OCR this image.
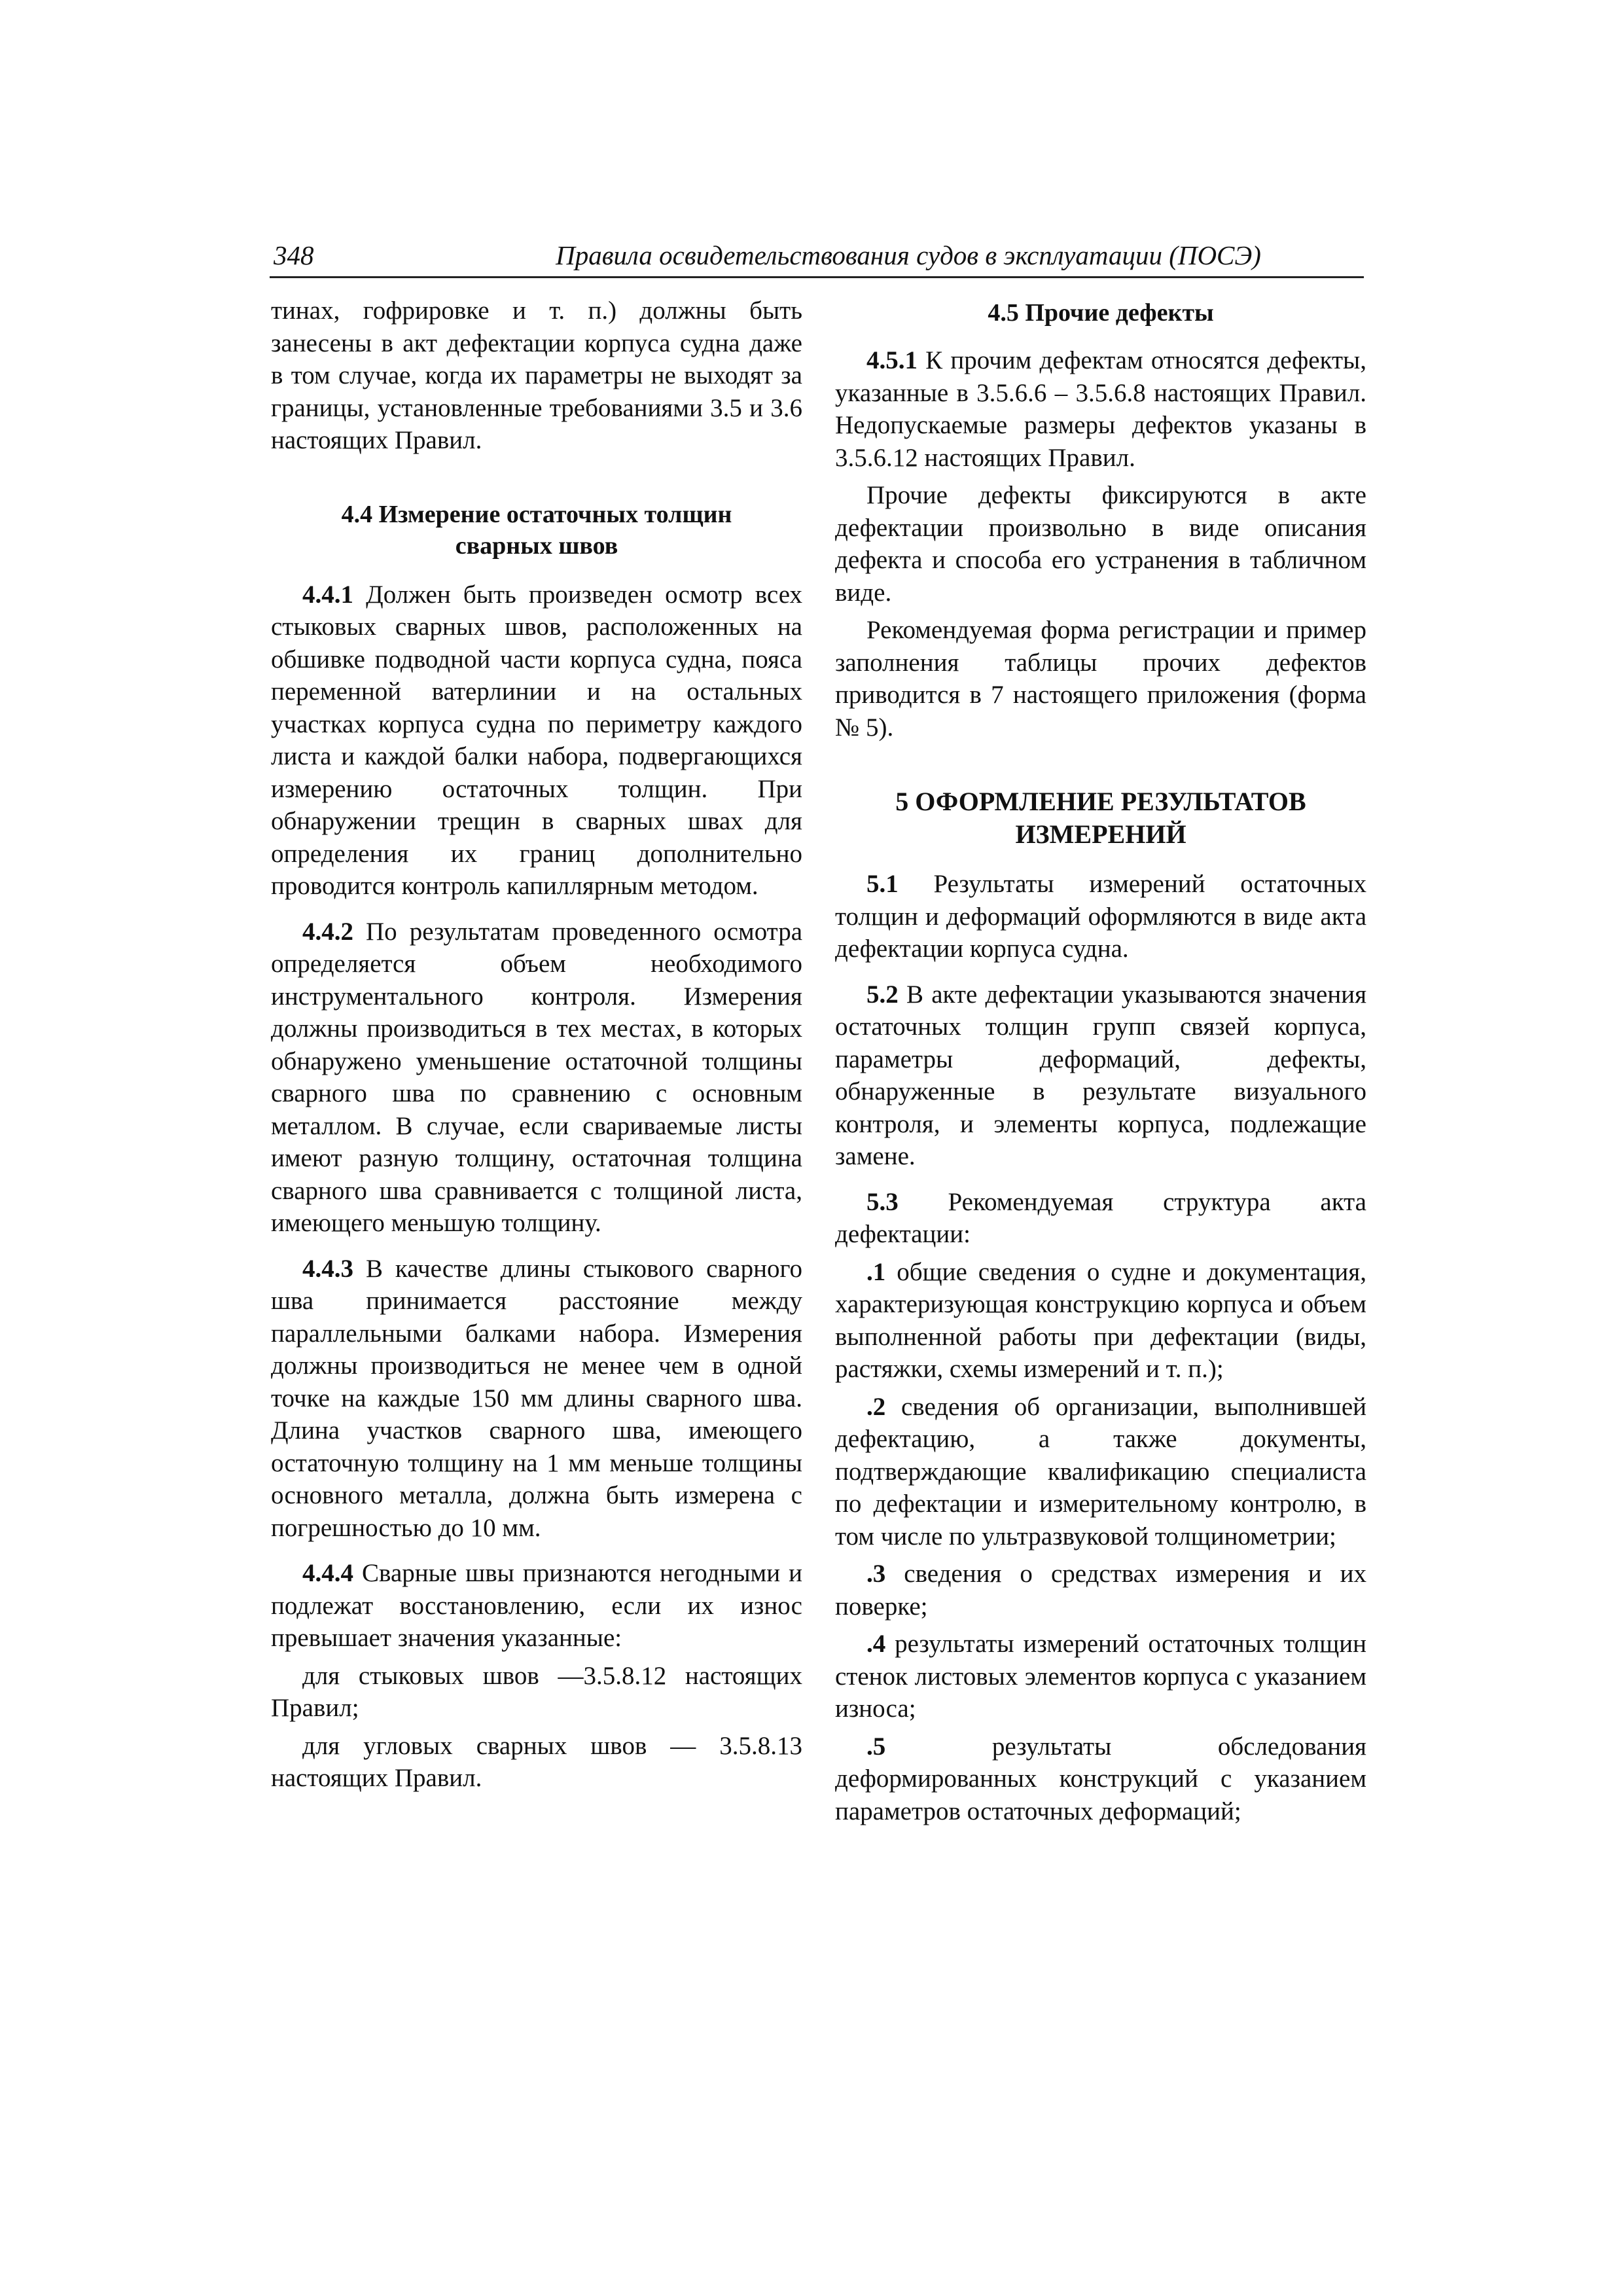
348	Правила освидетельствования судов в эксплуатации (ПОСЭ)

тинах, гофрировке и т. п.) должны быть занесены в акт дефектации корпуса судна даже в том случае, когда их параметры не выходят за границы, установленные требованиями 3.5 и 3.6 настоящих Правил.

4.4 Измерение остаточных толщин сварных швов

4.4.1 Должен быть произведен осмотр всех стыковых сварных швов, расположенных на обшивке подводной части корпуса судна, пояса переменной ватерлинии и на остальных участках корпуса судна по периметру каждого листа и каждой балки набора, подвергающихся измерению остаточных толщин. При обнаружении трещин в сварных швах для определения их границ дополнительно проводится контроль капиллярным методом.

4.4.2 По результатам проведенного осмотра определяется объем необходимого инструментального контроля. Измерения должны производиться в тех местах, в которых обнаружено уменьшение остаточной толщины сварного шва по сравнению с основным металлом. В случае, если свариваемые листы имеют разную толщину, остаточная толщина сварного шва сравнивается с толщиной листа, имеющего меньшую толщину.

4.4.3 В качестве длины стыкового сварного шва принимается расстояние между параллельными балками набора. Измерения должны производиться не менее чем в одной точке на каждые 150 мм длины сварного шва. Длина участков сварного шва, имеющего остаточную толщину на 1 мм меньше толщины основного металла, должна быть измерена с погрешностью до 10 мм.

4.4.4 Сварные швы признаются негодными и подлежат восстановлению, если их износ превышает значения указанные:

для стыковых швов —3.5.8.12 настоящих Правил;

для угловых сварных швов — 3.5.8.13 настоящих Правил.

4.5 Прочие дефекты

4.5.1 К прочим дефектам относятся дефекты, указанные в 3.5.6.6 – 3.5.6.8 настоящих Правил. Недопускаемые размеры дефектов указаны в 3.5.6.12 настоящих Правил.

Прочие дефекты фиксируются в акте дефектации произвольно в виде описания дефекта и способа его устранения в табличном виде.

Рекомендуемая форма регистрации и пример заполнения таблицы прочих дефектов приводится в 7 настоящего приложения (форма № 5).

5 ОФОРМЛЕНИЕ РЕЗУЛЬТАТОВ ИЗМЕРЕНИЙ

5.1 Результаты измерений остаточных толщин и деформаций оформляются в виде акта дефектации корпуса судна.

5.2 В акте дефектации указываются значения остаточных толщин групп связей корпуса, параметры деформаций, дефекты, обнаруженные в результате визуального контроля, и элементы корпуса, подлежащие замене.

5.3 Рекомендуемая структура акта дефектации:

.1 общие сведения о судне и документация, характеризующая конструкцию корпуса и объем выполненной работы при дефектации (виды, растяжки, схемы измерений и т. п.);

.2 сведения об организации, выполнившей дефектацию, а также документы, подтверждающие квалификацию специалиста по дефектации и измерительному контролю, в том числе по ультразвуковой толщинометрии;

.3 сведения о средствах измерения и их поверке;

.4 результаты измерений остаточных толщин стенок листовых элементов корпуса с указанием износа;

.5	результаты обследования деформированных конструкций с указанием параметров остаточных деформаций;
